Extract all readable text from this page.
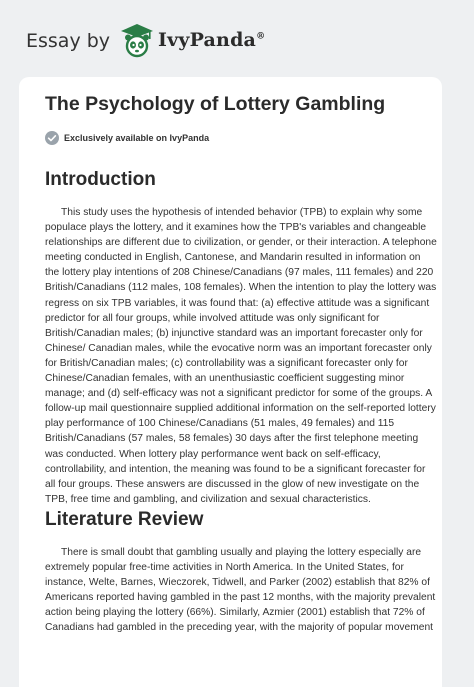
Essay by	IvyPanda®
The Psychology of Lottery Gambling
Exclusively available on IvyPanda
Introduction

This study uses the hypothesis of intended behavior (TPB) to explain why some populace plays the lottery, and it examines how the TPB's variables and changeable relationships are different due to civilization, or gender, or their interaction. A telephone meeting conducted in English, Cantonese, and Mandarin resulted in information on the lottery play intentions of 208 Chinese/Canadians (97 males, 111 females) and 220 British/Canadians (112 males, 108 females). When the intention to play the lottery was regress on six TPB variables, it was found that: (a) effective attitude was a significant predictor for all four groups, while involved attitude was only significant for British/Canadian males; (b) injunctive standard was an important forecaster only for Chinese/ Canadian males, while the evocative norm was an important forecaster only for British/Canadian males; (c) controllability was a significant forecaster only for Chinese/Canadian females, with an unenthusiastic coefficient suggesting minor manage; and (d) self-efficacy was not a significant predictor for some of the groups. A follow-up mail questionnaire supplied additional information on the self-reported lottery play performance of 100 Chinese/Canadians (51 males, 49 females) and 115 British/Canadians (57 males, 58 females) 30 days after the first telephone meeting was conducted. When lottery play performance went back on self-efficacy, controllability, and intention, the meaning was found to be a significant forecaster for all four groups. These answers are discussed in the glow of new investigate on the TPB, free time and gambling, and civilization and sexual characteristics.

Literature Review

There is small doubt that gambling usually and playing the lottery especially are extremely popular free-time activities in North America. In the United States, for instance, Welte, Barnes, Wieczorek, Tidwell, and Parker (2002) establish that 82% of Americans reported having gambled in the past 12 months, with the majority prevalent action being playing the lottery (66%). Similarly, Azmier (2001) establish that 72% of Canadians had gambled in the preceding year, with the majority of popular movement
